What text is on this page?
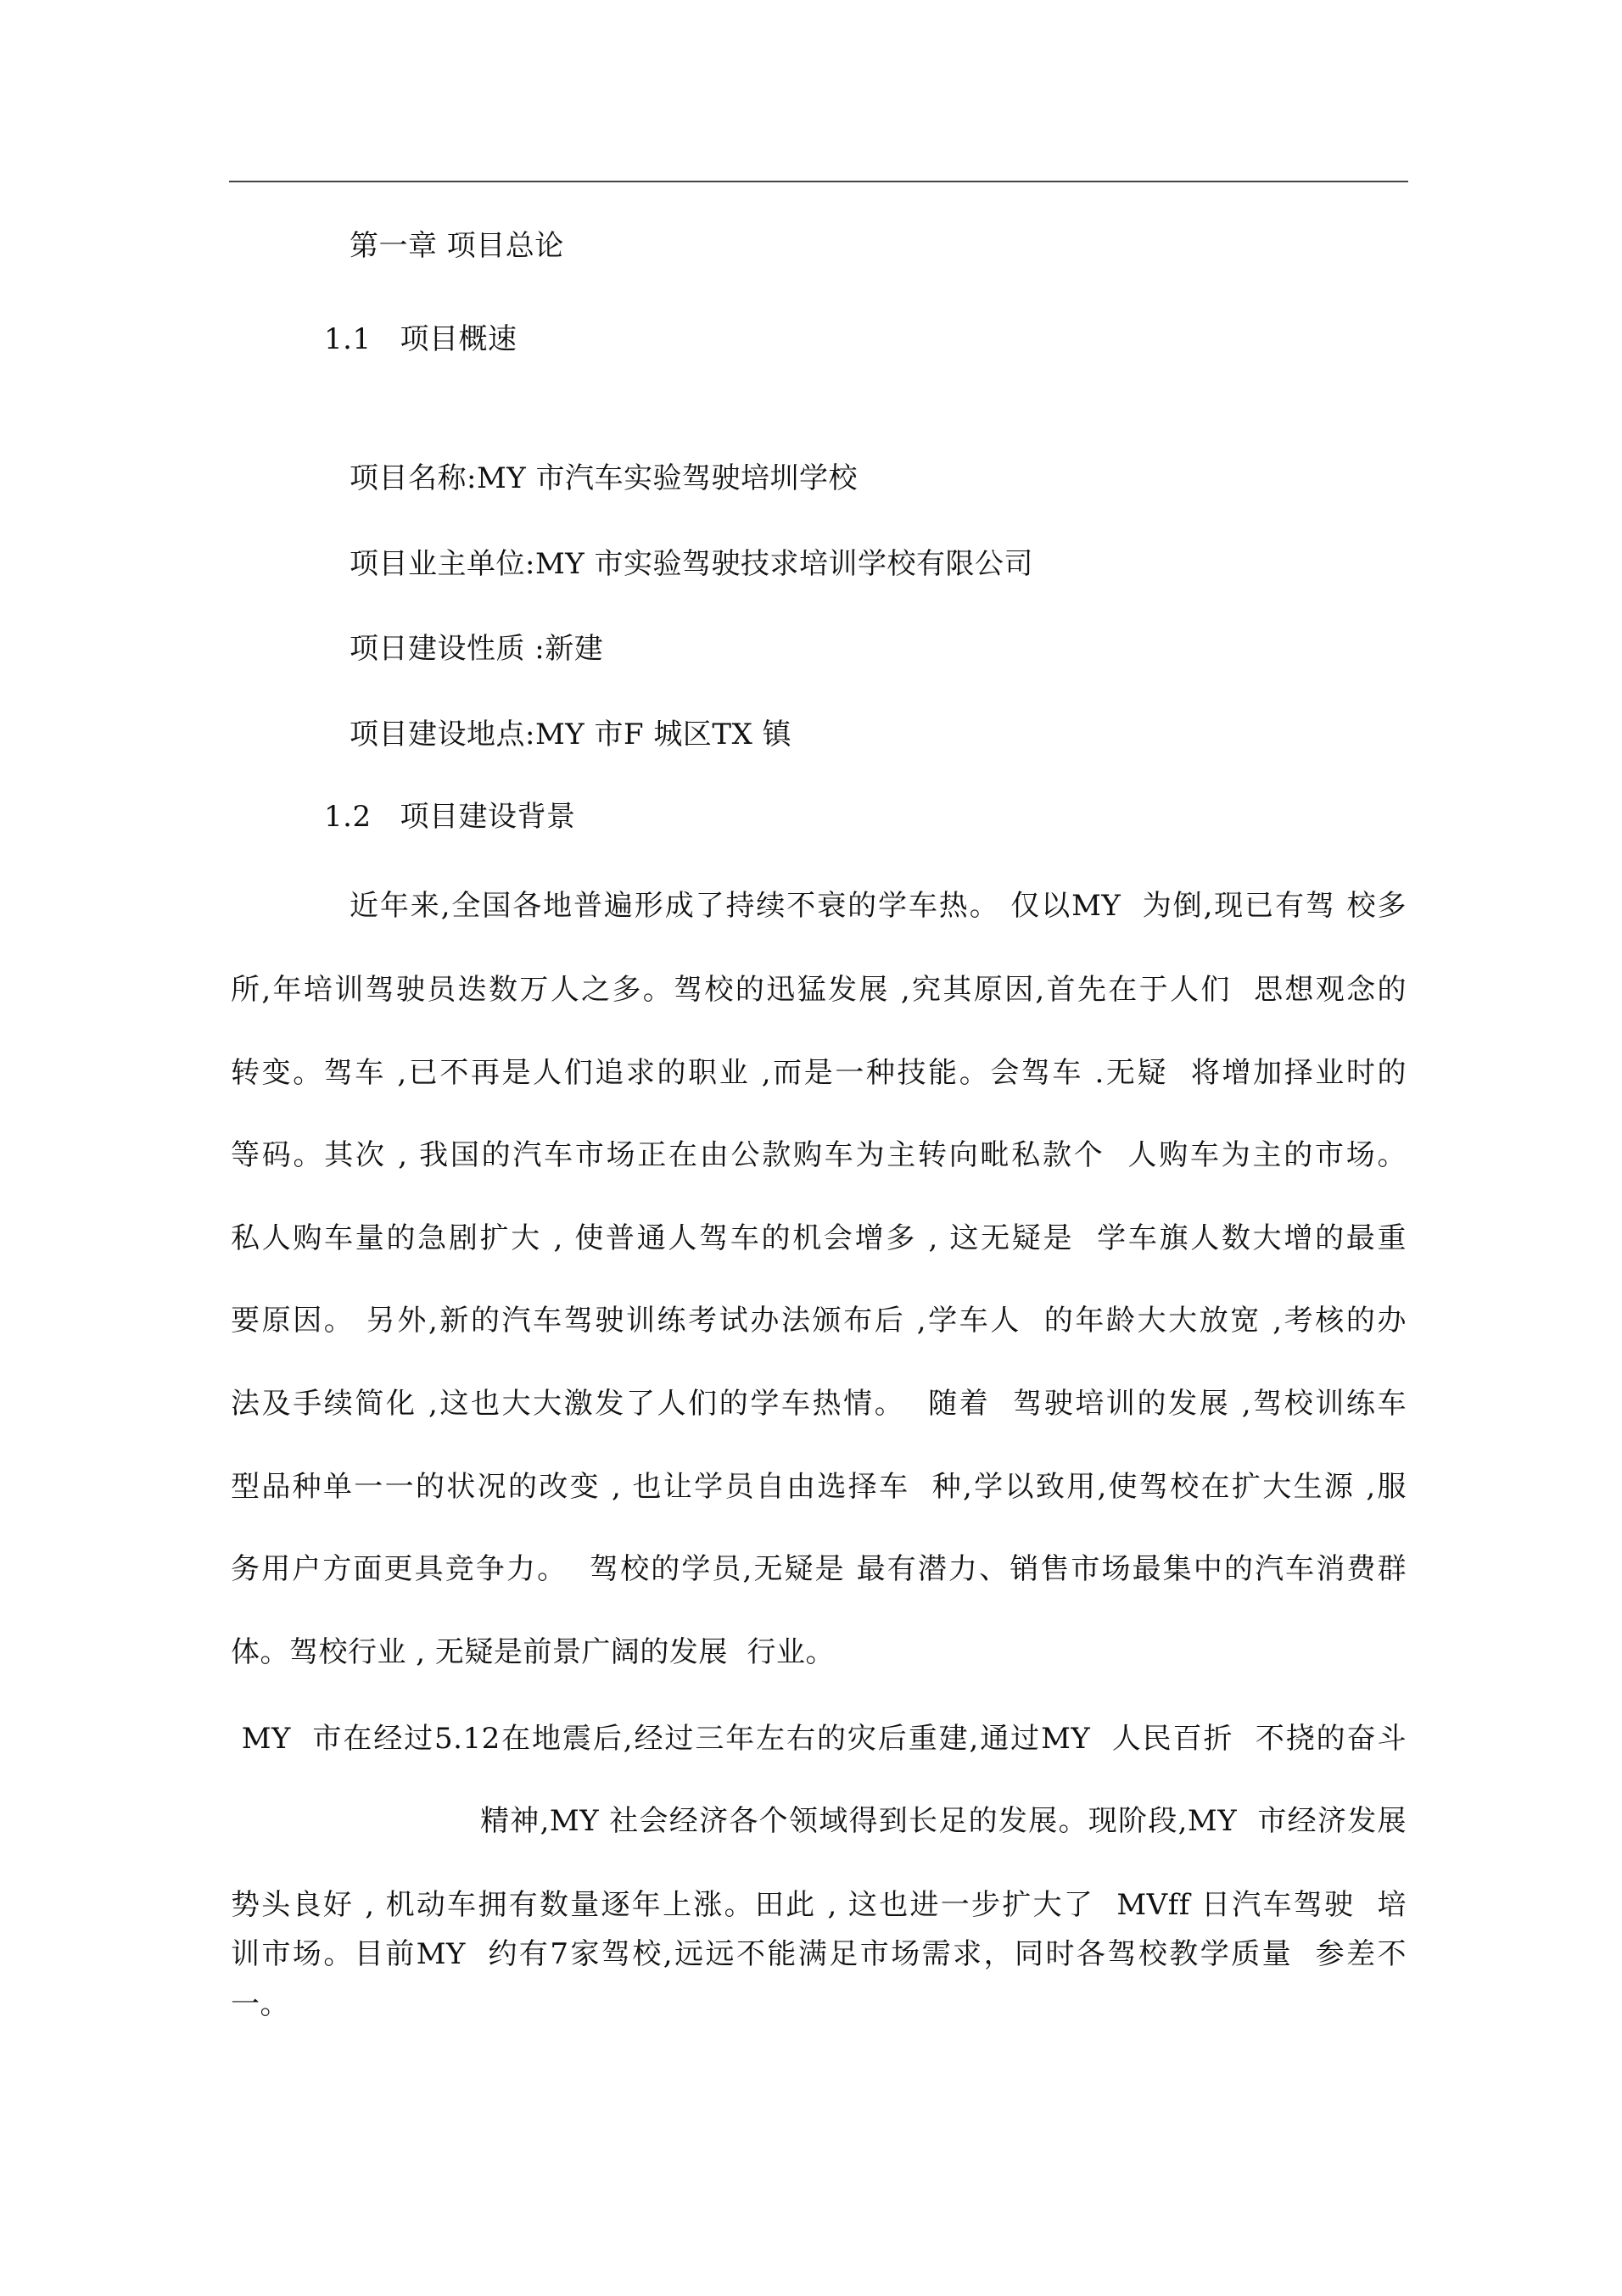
第一章 项目总论
1.1   项目概速
项目名称:MY 市汽车实验驾驶培圳学校
项目业主单位:MY 市实验驾驶技求培训学校有限公司
项日建设性质 :新建
项目建设地点:MY 市F 城区TX 镇
1.2   项目建设背景
近年来,全国各地普遍形成了持续不衰的学车热。 仅以MY  为倒,现已有驾 校多
所,年培训驾驶员迭数万人之多。驾校的迅猛发展 ,究其原因,首先在于人们  思想观念的
转变。驾车 ,已不再是人们追求的职业 ,而是一种技能。会驾车 .无疑  将增加择业时的
等码。其次 , 我国的汽车市场正在由公款购车为主转向毗私款个  人购车为主的市场。
私人购车量的急剧扩大 , 使普通人驾车的机会增多 , 这无疑是  学车旗人数大增的最重
要原因。 另外,新的汽车驾驶训练考试办法颁布后 ,学车人  的年龄大大放宽 ,考核的办
法及手续简化 ,这也大大激发了人们的学车热情。  随着  驾驶培训的发展 ,驾校训练车
型品种单一一的状况的改变 , 也让学员自由选择车  种,学以致用,使驾校在扩大生源 ,服
务用户方面更具竞争力。  驾校的学员,无疑是 最有潜力、销售市场最集中的汽车消费群
体。驾校行业 , 无疑是前景广阔的发展  行业。
MY  市在经过5.12在地震后,经过三年左右的灾后重建,通过MY  人民百折  不挠的奋斗
精神,MY 社会经济各个领域得到长足的发展。现阶段,MY  市经济发展
势头良好 , 机动车拥有数量逐年上涨。田此 , 这也进一步扩大了  MVff 日汽车驾驶  培
训市场。目前MY  约有7家驾校,远远不能满足市场需求，同时各驾校教学质量  参差不
一。
